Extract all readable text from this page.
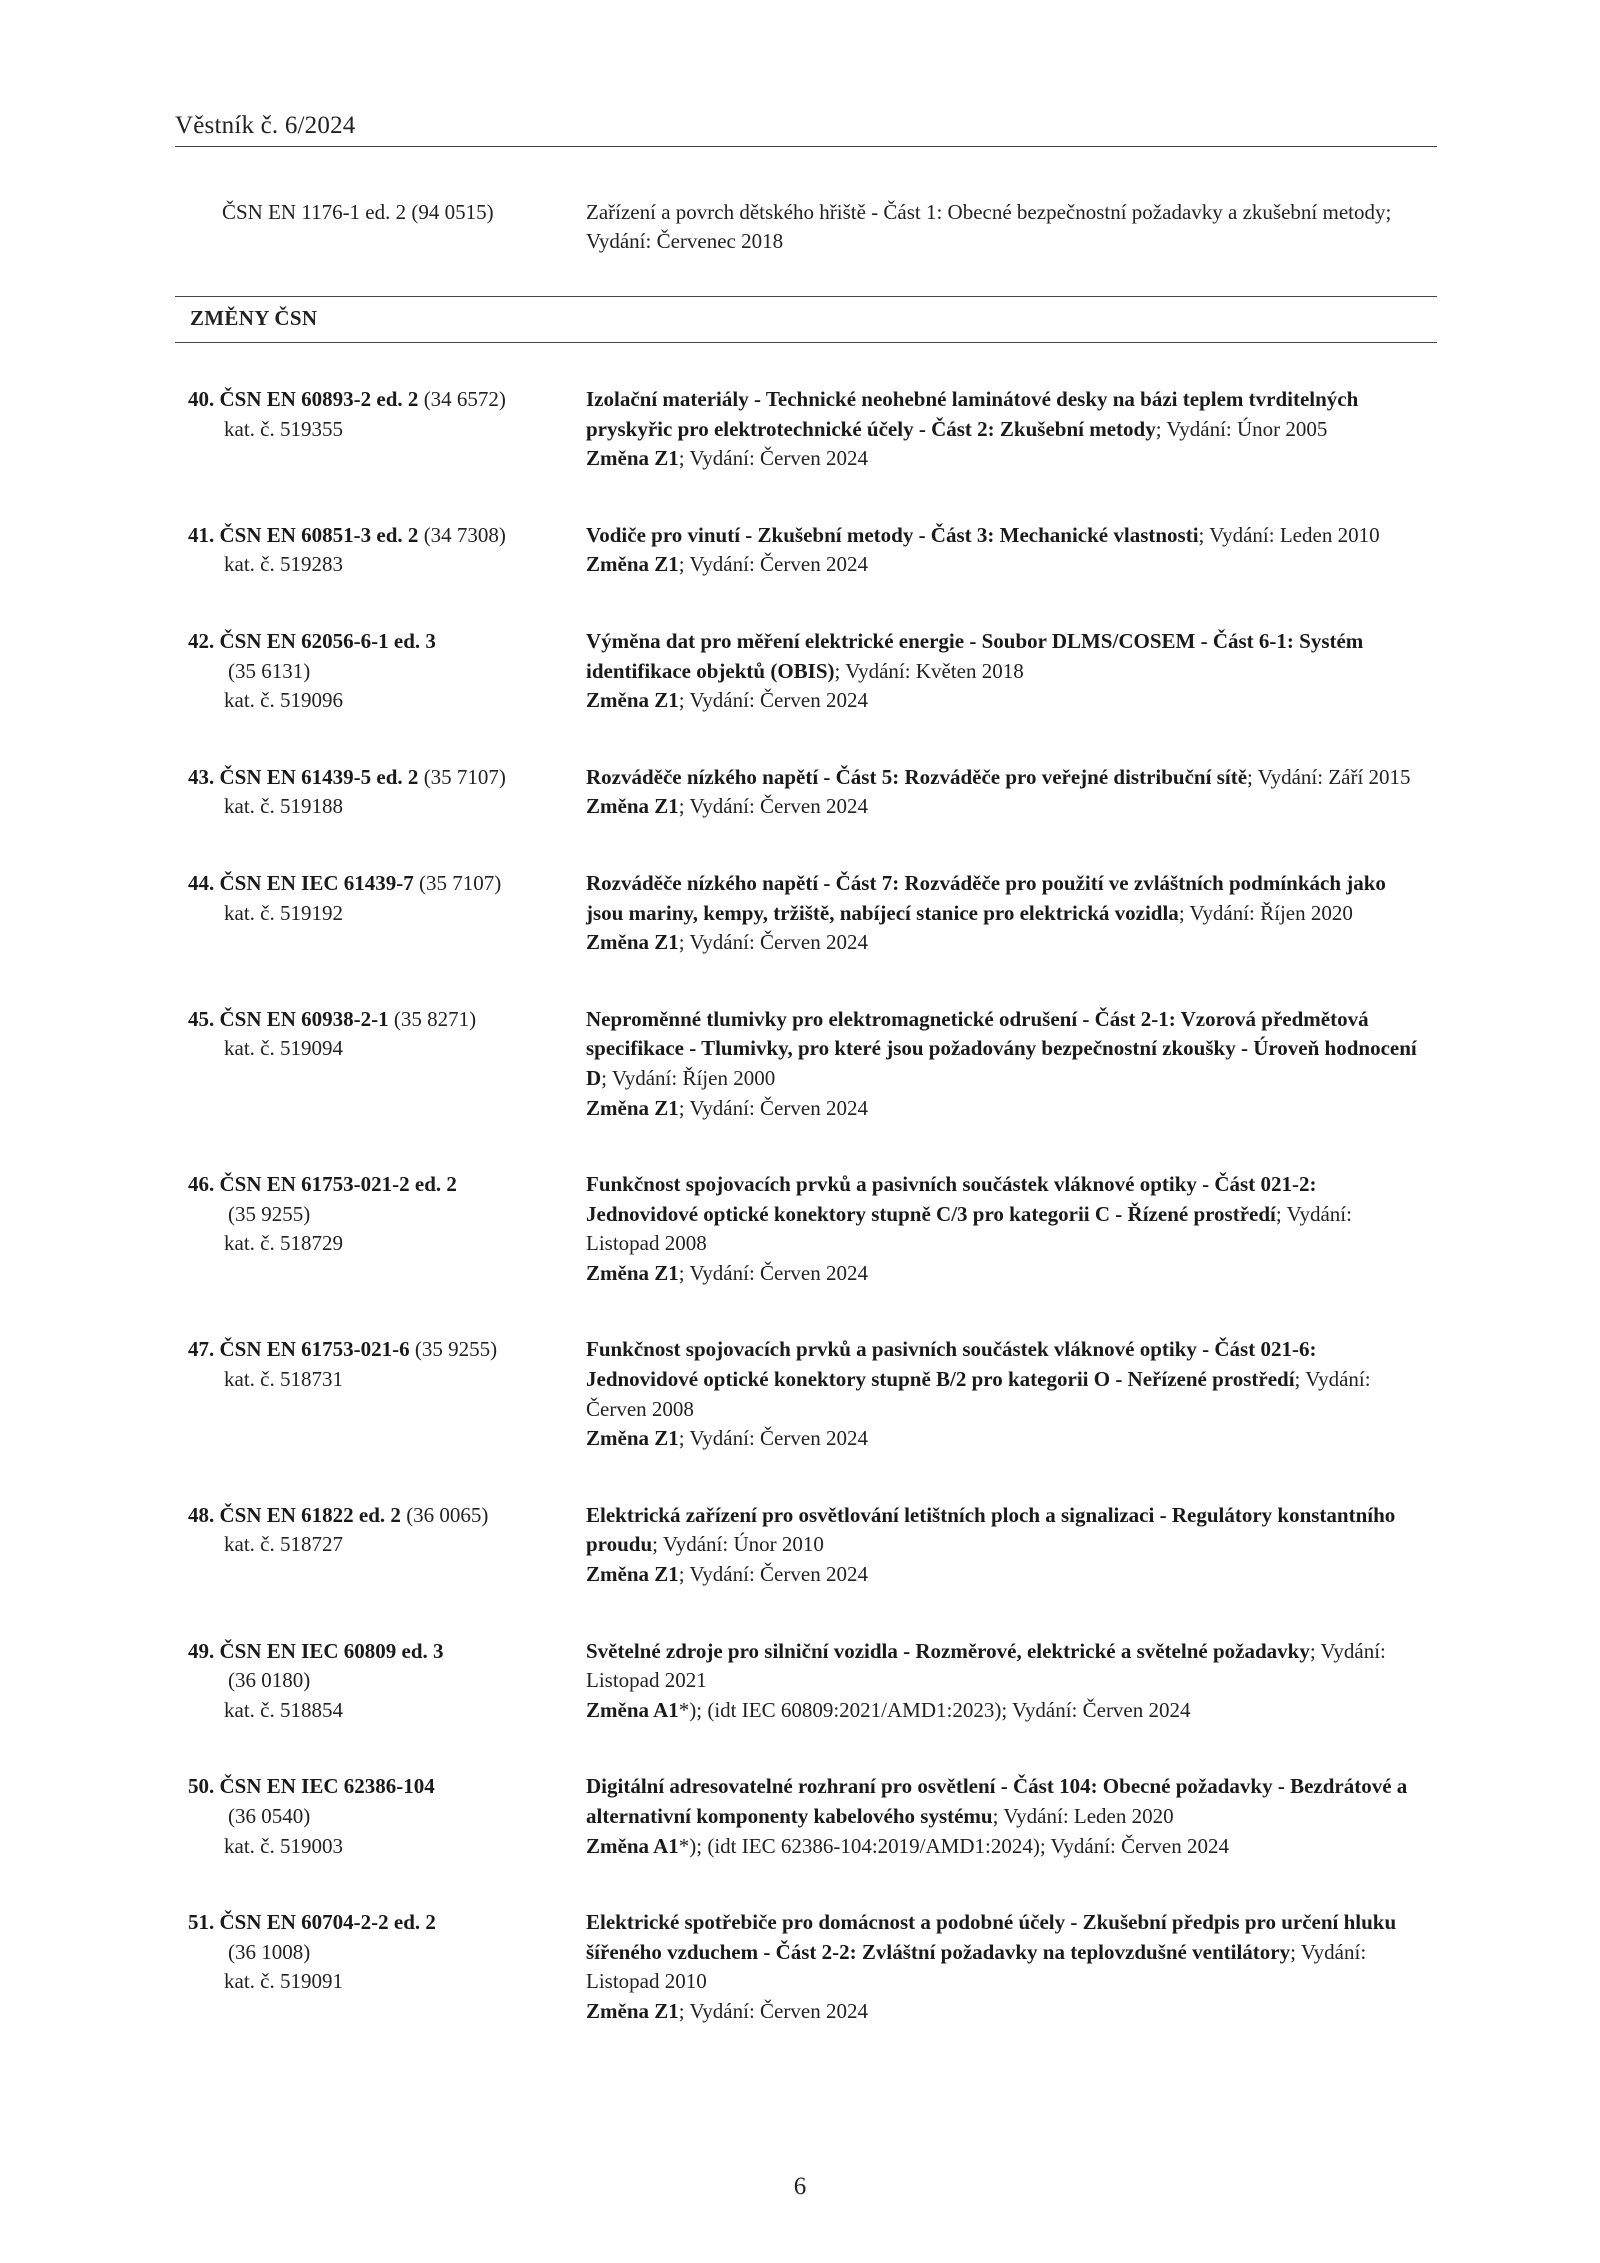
Věstník č. 6/2024
ČSN EN 1176-1 ed. 2 (94 0515)	Zařízení a povrch dětského hřiště - Část 1: Obecné bezpečnostní požadavky a zkušební metody; Vydání: Červenec 2018
ZMĚNY ČSN
40. ČSN EN 60893-2 ed. 2 (34 6572)
kat. č. 519355
Izolační materiály - Technické neohebné laminátové desky na bázi teplem tvrditelných pryskyřic pro elektrotechnické účely - Část 2: Zkušební metody; Vydání: Únor 2005
Změna Z1; Vydání: Červen 2024
41. ČSN EN 60851-3 ed. 2 (34 7308)
kat. č. 519283
Vodiče pro vinutí - Zkušební metody - Část 3: Mechanické vlastnosti; Vydání: Leden 2010
Změna Z1; Vydání: Červen 2024
42. ČSN EN 62056-6-1 ed. 3
(35 6131)
kat. č. 519096
Výměna dat pro měření elektrické energie - Soubor DLMS/COSEM - Část 6-1: Systém identifikace objektů (OBIS); Vydání: Květen 2018
Změna Z1; Vydání: Červen 2024
43. ČSN EN 61439-5 ed. 2 (35 7107)
kat. č. 519188
Rozváděče nízkého napětí - Část 5: Rozváděče pro veřejné distribuční sítě; Vydání: Září 2015
Změna Z1; Vydání: Červen 2024
44. ČSN EN IEC 61439-7 (35 7107)
kat. č. 519192
Rozváděče nízkého napětí - Část 7: Rozváděče pro použití ve zvláštních podmínkách jako jsou mariny, kempy, tržiště, nabíjecí stanice pro elektrická vozidla; Vydání: Říjen 2020
Změna Z1; Vydání: Červen 2024
45. ČSN EN 60938-2-1 (35 8271)
kat. č. 519094
Neproměnné tlumivky pro elektromagnetické odrušení - Část 2-1: Vzorová předmětová specifikace - Tlumivky, pro které jsou požadovány bezpečnostní zkoušky - Úroveň hodnocení D; Vydání: Říjen 2000
Změna Z1; Vydání: Červen 2024
46. ČSN EN 61753-021-2 ed. 2
(35 9255)
kat. č. 518729
Funkčnost spojovacích prvků a pasivních součástek vláknové optiky - Část 021-2: Jednovidové optické konektory stupně C/3 pro kategorii C - Řízené prostředí; Vydání: Listopad 2008
Změna Z1; Vydání: Červen 2024
47. ČSN EN 61753-021-6 (35 9255)
kat. č. 518731
Funkčnost spojovacích prvků a pasivních součástek vláknové optiky - Část 021-6: Jednovidové optické konektory stupně B/2 pro kategorii O - Neřízené prostředí; Vydání: Červen 2008
Změna Z1; Vydání: Červen 2024
48. ČSN EN 61822 ed. 2 (36 0065)
kat. č. 518727
Elektrická zařízení pro osvětlování letištních ploch a signalizaci - Regulátory konstantního proudu; Vydání: Únor 2010
Změna Z1; Vydání: Červen 2024
49. ČSN EN IEC 60809 ed. 3
(36 0180)
kat. č. 518854
Světelné zdroje pro silniční vozidla - Rozměrové, elektrické a světelné požadavky; Vydání: Listopad 2021
Změna A1*); (idt IEC 60809:2021/AMD1:2023); Vydání: Červen 2024
50. ČSN EN IEC 62386-104
(36 0540)
kat. č. 519003
Digitální adresovatelné rozhraní pro osvětlení - Část 104: Obecné požadavky - Bezdrátové a alternativní komponenty kabelového systému; Vydání: Leden 2020
Změna A1*); (idt IEC 62386-104:2019/AMD1:2024); Vydání: Červen 2024
51. ČSN EN 60704-2-2 ed. 2
(36 1008)
kat. č. 519091
Elektrické spotřebiče pro domácnost a podobné účely - Zkušební předpis pro určení hluku šířeného vzduchem - Část 2-2: Zvláštní požadavky na teplovzdušné ventilátory; Vydání: Listopad 2010
Změna Z1; Vydání: Červen 2024
6
